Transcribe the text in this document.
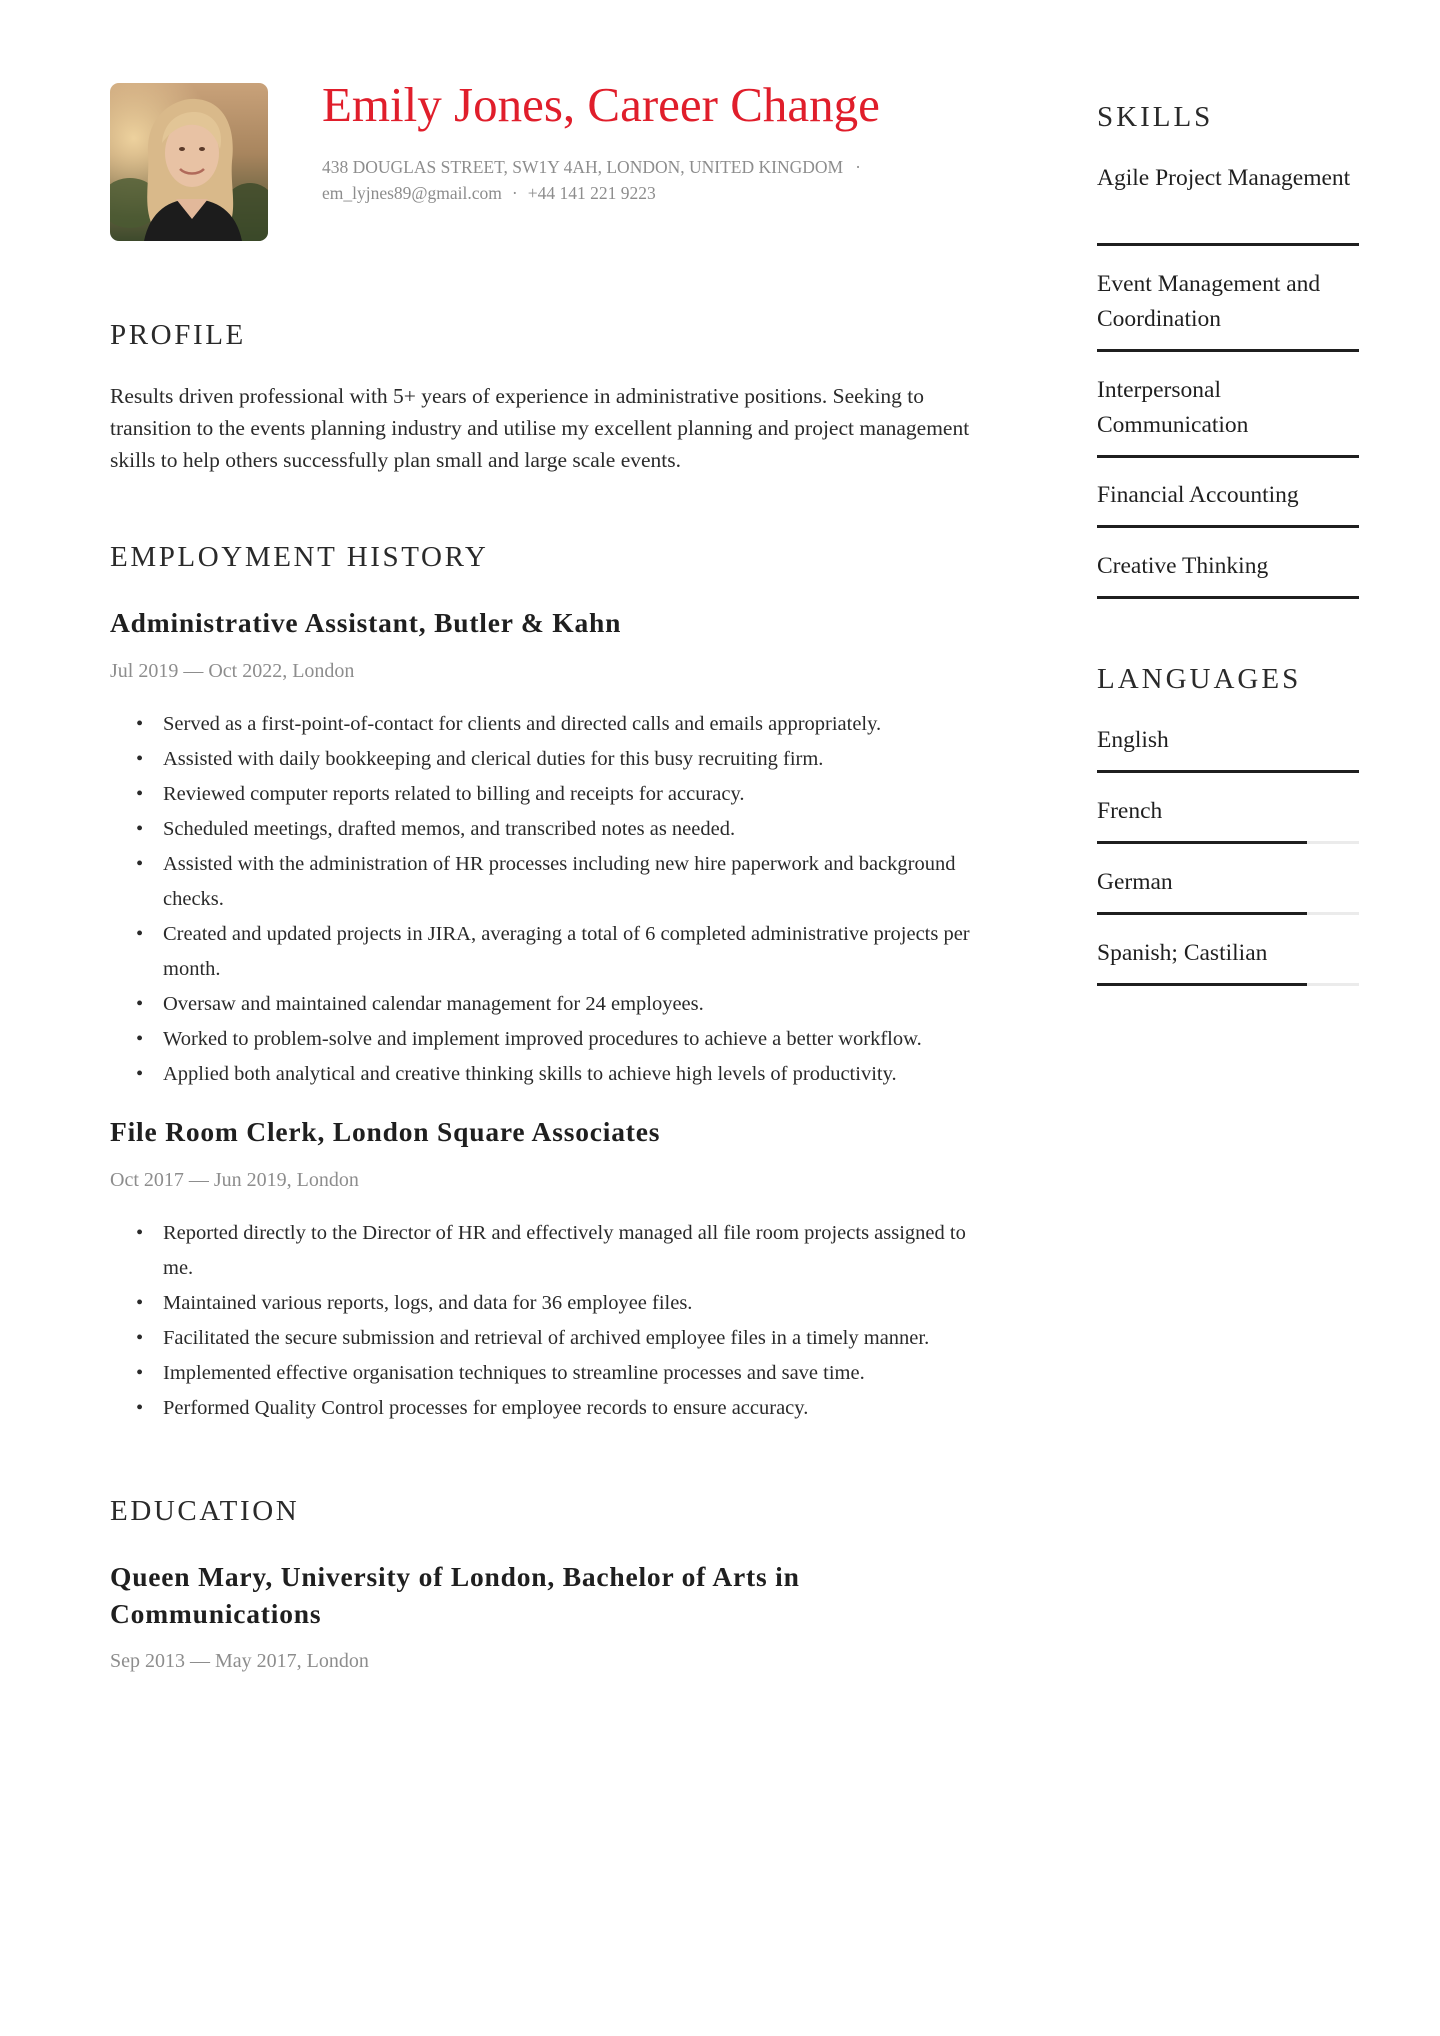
Emily Jones, Career Change
438 DOUGLAS STREET, SW1Y 4AH, LONDON, UNITED KINGDOM ·
em_lyjnes89@gmail.com · +44 141 221 9223
PROFILE

Results driven professional with 5+ years of experience in administrative positions. Seeking to transition to the events planning industry and utilise my excellent planning and project management skills to help others successfully plan small and large scale events.

EMPLOYMENT HISTORY
Administrative Assistant, Butler & Kahn
Jul 2019 — Oct 2022, London
• Served as a first-point-of-contact for clients and directed calls and emails appropriately.
• Assisted with daily bookkeeping and clerical duties for this busy recruiting firm.
• Reviewed computer reports related to billing and receipts for accuracy.
• Scheduled meetings, drafted memos, and transcribed notes as needed.
• Assisted with the administration of HR processes including new hire paperwork and background checks.
• Created and updated projects in JIRA, averaging a total of 6 completed administrative projects per month.
• Oversaw and maintained calendar management for 24 employees.
• Worked to problem-solve and implement improved procedures to achieve a better workflow.
• Applied both analytical and creative thinking skills to achieve high levels of productivity.
File Room Clerk, London Square Associates
Oct 2017 — Jun 2019, London
• Reported directly to the Director of HR and effectively managed all file room projects assigned to me.
• Maintained various reports, logs, and data for 36 employee files.
• Facilitated the secure submission and retrieval of archived employee files in a timely manner.
• Implemented effective organisation techniques to streamline processes and save time.
• Performed Quality Control processes for employee records to ensure accuracy.
EDUCATION
Queen Mary, University of London, Bachelor of Arts in Communications
Sep 2013 — May 2017, London
SKILLS
Agile Project Management
Event Management and Coordination
Interpersonal Communication
Financial Accounting
Creative Thinking
LANGUAGES
English
French
German
Spanish; Castilian
